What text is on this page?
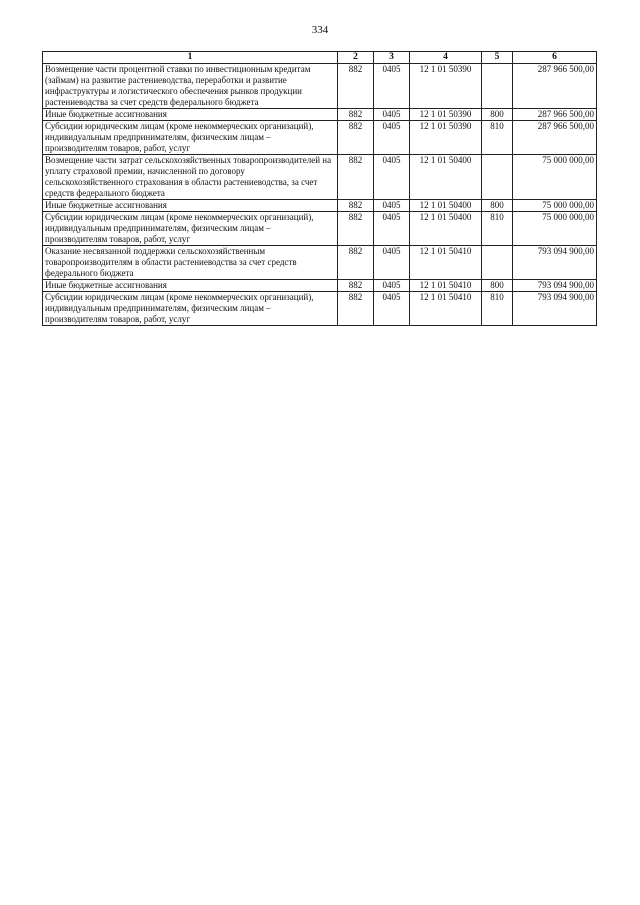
334
1	2	3	4	5	6
Возмещение части процентной ставки по инвестиционным кредитам (займам) на развитие растениеводства, переработки и развитие инфраструктуры и логистического обеспечения рынков продукции растениеводства за счет средств федерального бюджета	882	0405	12 1 01 50390		287 966 500,00
Иные бюджетные ассигнования	882	0405	12 1 01 50390	800	287 966 500,00
Субсидии юридическим лицам (кроме некоммерческих организаций), индивидуальным предпринимателям, физическим лицам – производителям товаров, работ, услуг	882	0405	12 1 01 50390	810	287 966 500,00
Возмещение части затрат сельскохозяйственных товаропроизводителей на уплату страховой премии, начисленной по договору сельскохозяйственного страхования в области растениеводства, за счет средств федерального бюджета	882	0405	12 1 01 50400		75 000 000,00
Иные бюджетные ассигнования	882	0405	12 1 01 50400	800	75 000 000,00
Субсидии юридическим лицам (кроме некоммерческих организаций), индивидуальным предпринимателям, физическим лицам – производителям товаров, работ, услуг	882	0405	12 1 01 50400	810	75 000 000,00
Оказание несвязанной поддержки сельскохозяйственным товаропроизводителям в области растениеводства за счет средств федерального бюджета	882	0405	12 1 01 50410		793 094 900,00
Иные бюджетные ассигнования	882	0405	12 1 01 50410	800	793 094 900,00
Субсидии юридическим лицам (кроме некоммерческих организаций), индивидуальным предпринимателям, физическим лицам – производителям товаров, работ, услуг	882	0405	12 1 01 50410	810	793 094 900,00
